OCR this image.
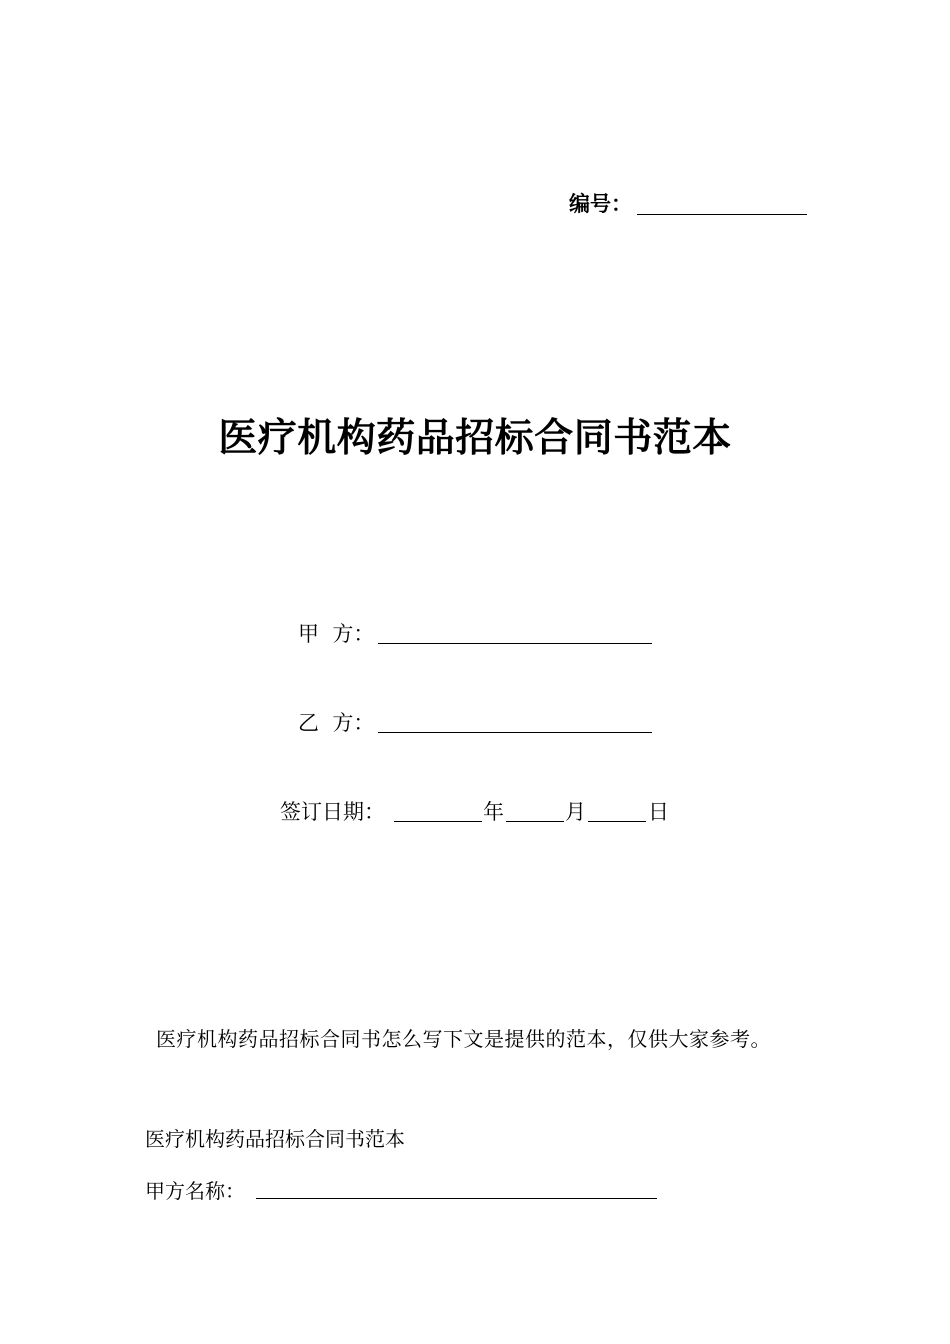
编号：
医疗机构药品招标合同书范本
甲  方：
乙  方：
签订日期：	年	月	日
医疗机构药品招标合同书怎么写下文是提供的范本，仅供大家参考。
医疗机构药品招标合同书范本
甲方名称：
